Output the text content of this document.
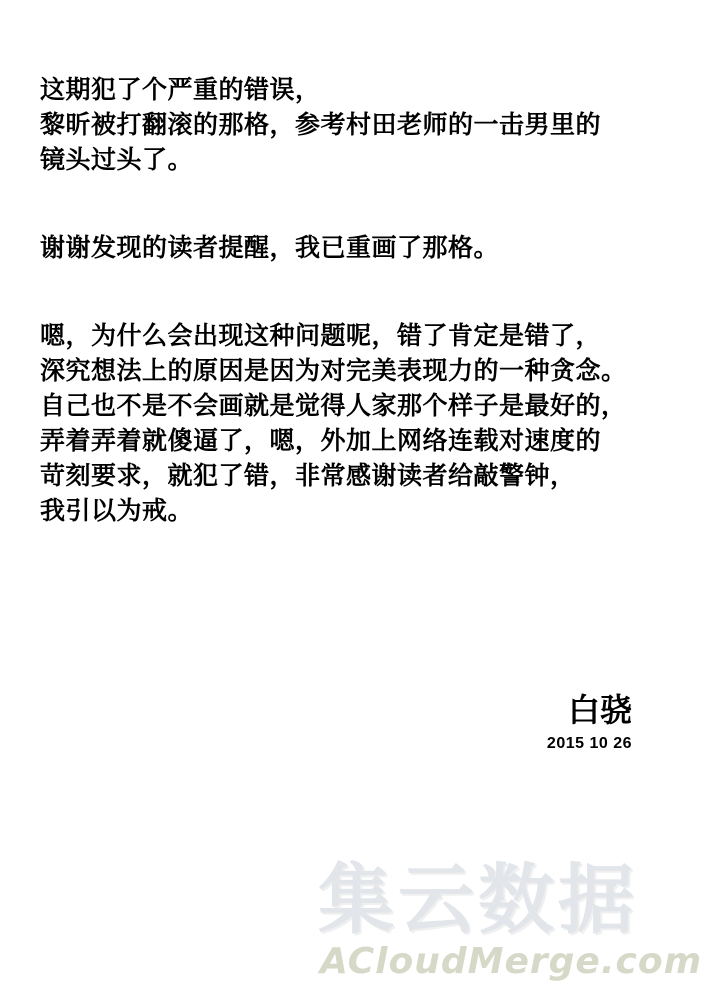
这期犯了个严重的错误，
黎昕被打翻滚的那格，参考村田老师的一击男里的
镜头过头了。
谢谢发现的读者提醒，我已重画了那格。
嗯，为什么会出现这种问题呢，错了肯定是错了，
深究想法上的原因是因为对完美表现力的一种贪念。
自己也不是不会画就是觉得人家那个样子是最好的，
弄着弄着就傻逼了，嗯，外加上网络连载对速度的
苛刻要求，就犯了错，非常感谢读者给敲警钟，
我引以为戒。
白骁
2015 10 26
集云数据
ACloudMerge.com
